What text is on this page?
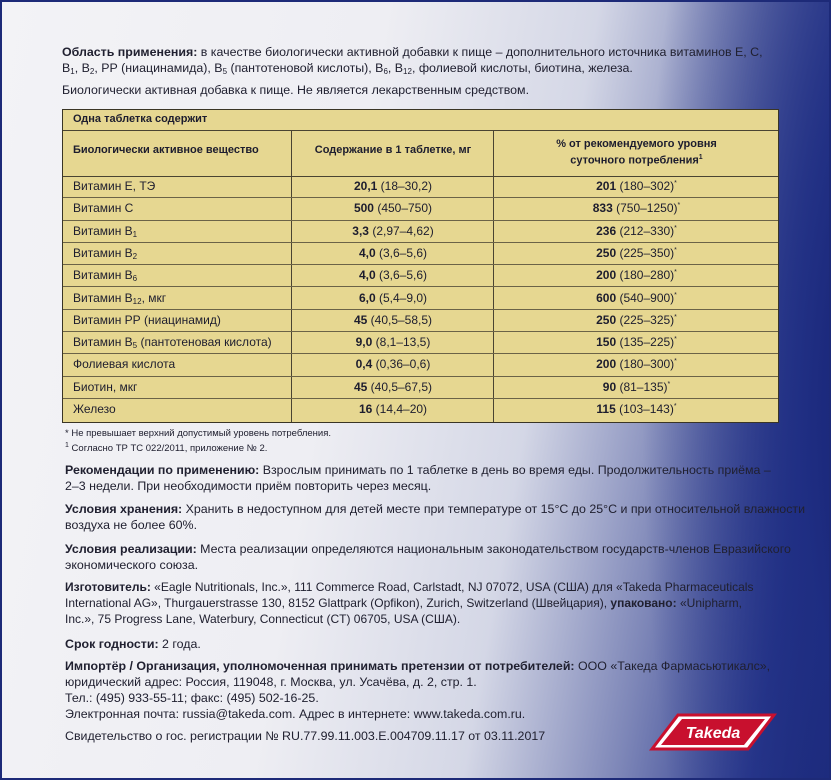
Область применения: в качестве биологически активной добавки к пище – дополнительного источника витаминов Е, С,
В1, В2, РР (ниацинамида), В5 (пантотеновой кислоты), В6, В12, фолиевой кислоты, биотина, железа.
Биологически активная добавка к пище. Не является лекарственным средством.
Одна таблетка содержит
Биологически активное вещество	Содержание в 1 таблетке, мг	% от рекомендуемого уровня
суточного потребления$^1$
Витамин Е, ТЭ	20,1 (18–30,2)	201 (180–302)*
Витамин С	500 (450–750)	833 (750–1250)*
Витамин В1	3,3 (2,97–4,62)	236 (212–330)*
Витамин В2	4,0 (3,6–5,6)	250 (225–350)*
Витамин В6	4,0 (3,6–5,6)	200 (180–280)*
Витамин В12, мкг	6,0 (5,4–9,0)	600 (540–900)*
Витамин РР (ниацинамид)	45 (40,5–58,5)	250 (225–325)*
Витамин В5 (пантотеновая кислота)	9,0 (8,1–13,5)	150 (135–225)*
Фолиевая кислота	0,4 (0,36–0,6)	200 (180–300)*
Биотин, мкг	45 (40,5–67,5)	90 (81–135)*
Железо	16 (14,4–20)	115 (103–143)*
* Не превышает верхний допустимый уровень потребления.
$^1$ Согласно ТР ТС 022/2011, приложение № 2.
Рекомендации по применению: Взрослым принимать по 1 таблетке в день во время еды. Продолжительность приёма –
2–3 недели. При необходимости приём повторить через месяц.
Условия хранения: Хранить в недоступном для детей месте при температуре от 15°С до 25°С и при относительной влажности
воздуха не более 60%.
Условия реализации: Места реализации определяются национальным законодательством государств-членов Евразийского
экономического союза.
Изготовитель: «Eagle Nutritionals, Inc.», 111 Commerce Road, Carlstadt, NJ 07072, USA (США) для «Takeda Pharmaceuticals
International AG», Thurgauerstrasse 130, 8152 Glattpark (Opfikon), Zurich, Switzerland (Швейцария), упаковано: «Unipharm,
Inc.», 75 Progress Lane, Waterbury, Connecticut (CT) 06705, USA (США).
Срок годности: 2 года.
Импортёр / Организация, уполномоченная принимать претензии от потребителей: ООО «Такеда Фармасьютикалс»,
юридический адрес: Россия, 119048, г. Москва, ул. Усачёва, д. 2, стр. 1.
Тел.: (495) 933-55-11; факс: (495) 502-16-25.
Электронная почта: russia@takeda.com. Адрес в интернете: www.takeda.com.ru.
Свидетельство о гос. регистрации № RU.77.99.11.003.Е.004709.11.17 от 03.11.2017	Takeda
